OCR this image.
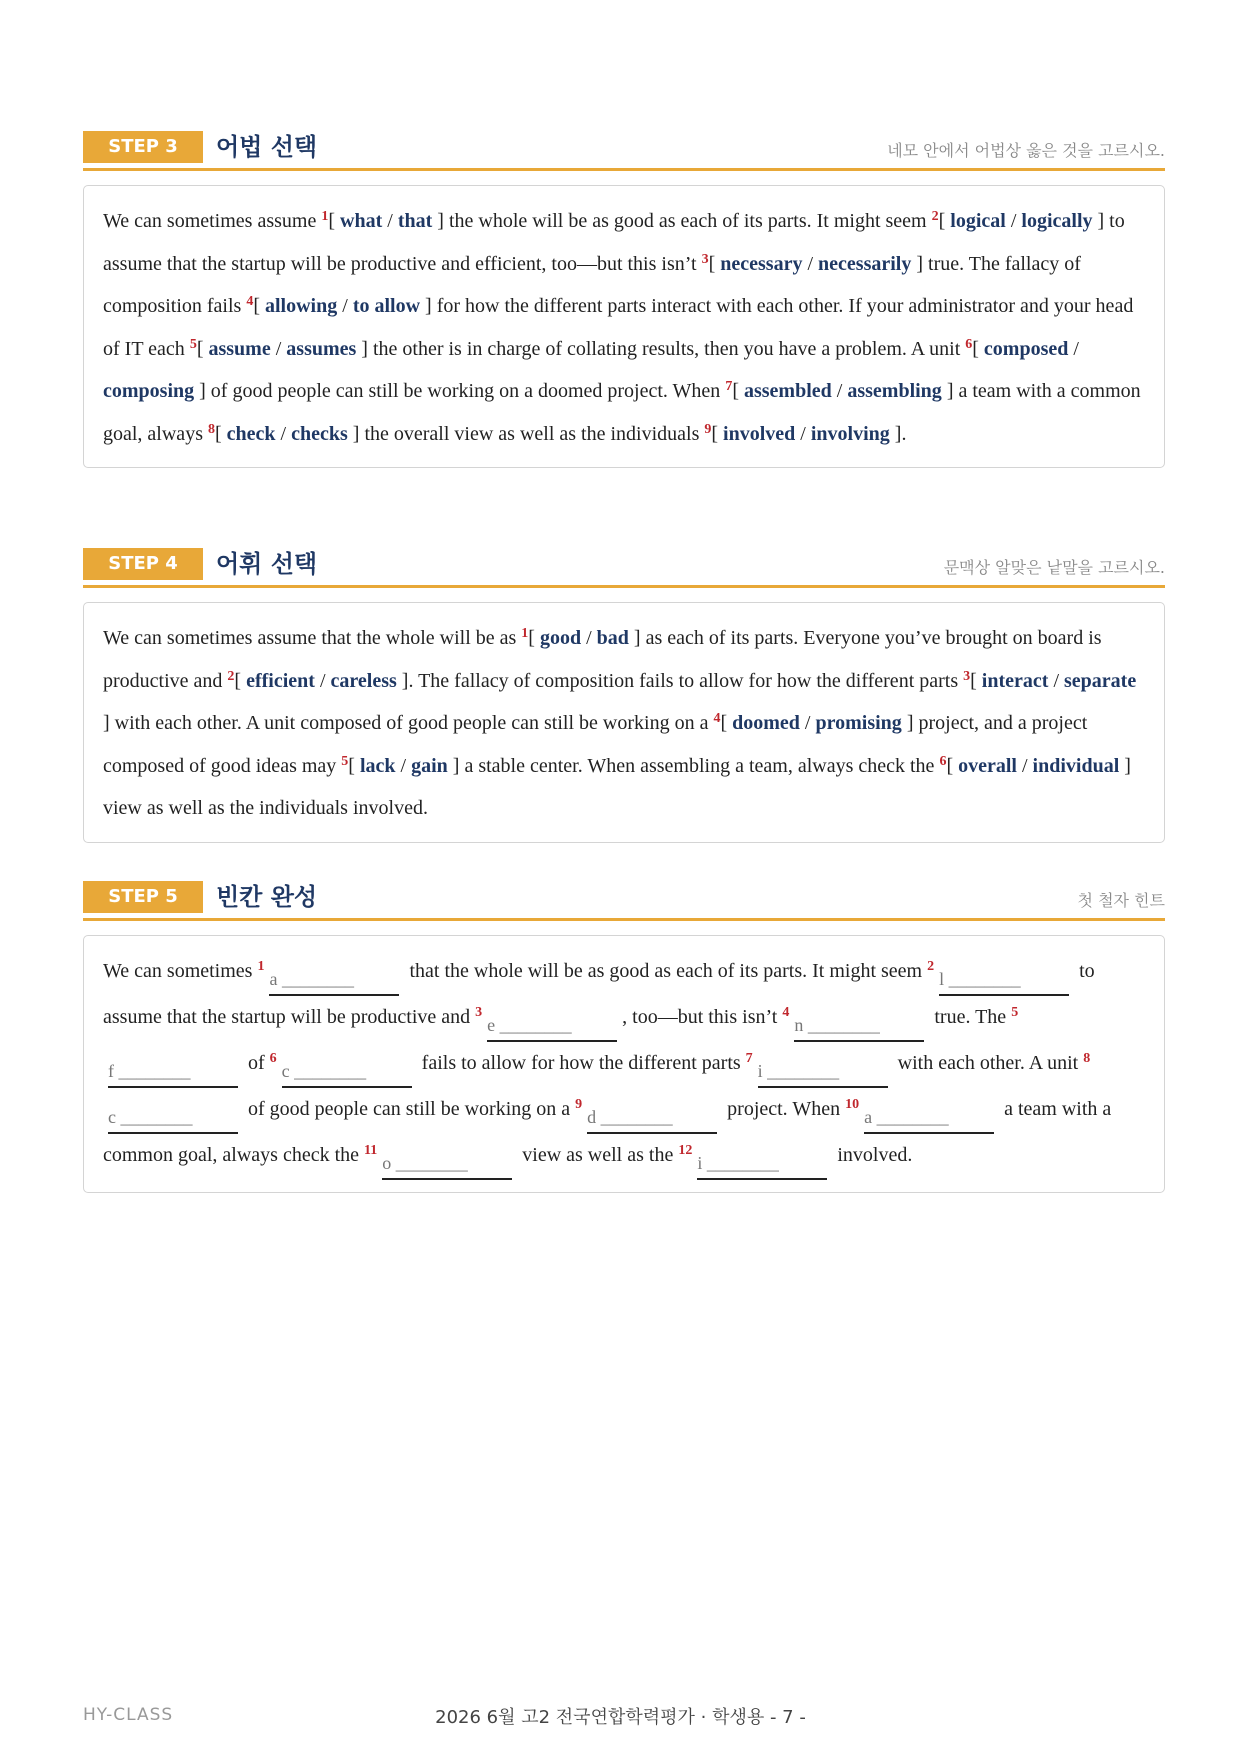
STEP 3	어법 선택	네모 안에서 어법상 옳은 것을 고르시오.
We can sometimes assume $^1$[ what / that ] the whole will be as good as each of its parts. It might seem $^2$[ logical / logically ] to assume that the startup will be productive and efficient, too—but this isn’t $^3$[ necessary / necessarily ] true. The fallacy of composition fails $^4$[ allowing / to allow ] for how the different parts interact with each other. If your administrator and your head of IT each $^5$[ assume / assumes ] the other is in charge of collating results, then you have a problem. A unit $^6$[ composed / composing ] of good people can still be working on a doomed project. When $^7$[ assembled / assembling ] a team with a common goal, always $^8$[ check / checks ] the overall view as well as the individuals $^9$[ involved / involving ].
STEP 4	어휘 선택	문맥상 알맞은 낱말을 고르시오.
We can sometimes assume that the whole will be as $^1$[ good / bad ] as each of its parts. Everyone you’ve brought on board is productive and $^2$[ efficient / careless ]. The fallacy of composition fails to allow for how the different parts $^3$[ interact / separate ] with each other. A unit composed of good people can still be working on a $^4$[ doomed / promising ] project, and a project composed of good ideas may $^5$[ lack / gain ] a stable center. When assembling a team, always check the $^6$[ overall / individual ] view as well as the individuals involved.
STEP 5	빈칸 완성	첫 철자 힌트
We can sometimes $^1$a ________	that the whole will be as good as each of its parts. It might seem $^2$l ________	to assume that the startup will be productive and $^3$e ________	, too—but this isn’t $^4$n ________ true. The $^5$f ________	of $^6$c ________	fails to allow for how the different parts $^7$i ________	with each other. A unit $^8$c ________	of good people can still be working on a $^9$d ________ project. When $^{10}$a ________	a team with a common goal, always check the $^{11}$o ________ view as well as the $^{12}$i ________	involved.
HY-CLASS	2026 6월 고2 전국연합학력평가 · 학생용 - 7 -
